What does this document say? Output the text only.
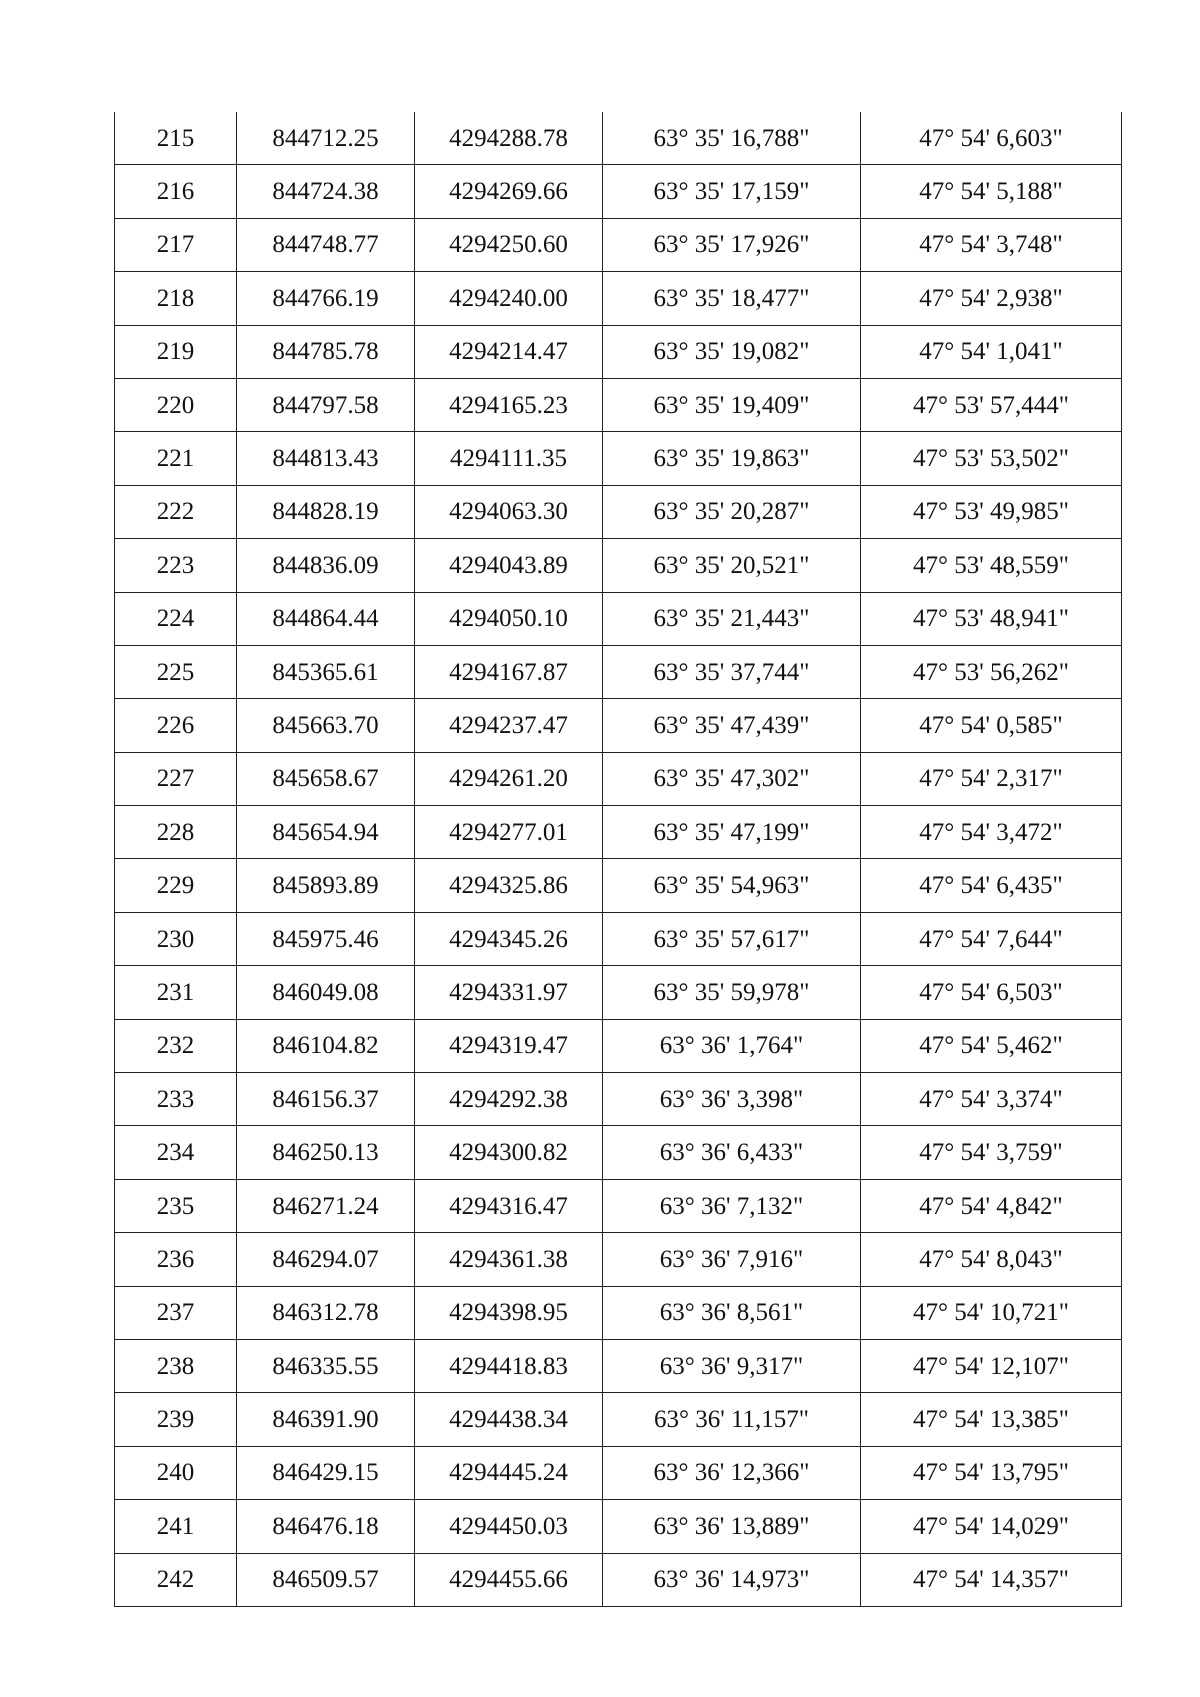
215	844712.25	4294288.78	63° 35' 16,788"	47° 54' 6,603"
216	844724.38	4294269.66	63° 35' 17,159"	47° 54' 5,188"
217	844748.77	4294250.60	63° 35' 17,926"	47° 54' 3,748"
218	844766.19	4294240.00	63° 35' 18,477"	47° 54' 2,938"
219	844785.78	4294214.47	63° 35' 19,082"	47° 54' 1,041"
220	844797.58	4294165.23	63° 35' 19,409"	47° 53' 57,444"
221	844813.43	4294111.35	63° 35' 19,863"	47° 53' 53,502"
222	844828.19	4294063.30	63° 35' 20,287"	47° 53' 49,985"
223	844836.09	4294043.89	63° 35' 20,521"	47° 53' 48,559"
224	844864.44	4294050.10	63° 35' 21,443"	47° 53' 48,941"
225	845365.61	4294167.87	63° 35' 37,744"	47° 53' 56,262"
226	845663.70	4294237.47	63° 35' 47,439"	47° 54' 0,585"
227	845658.67	4294261.20	63° 35' 47,302"	47° 54' 2,317"
228	845654.94	4294277.01	63° 35' 47,199"	47° 54' 3,472"
229	845893.89	4294325.86	63° 35' 54,963"	47° 54' 6,435"
230	845975.46	4294345.26	63° 35' 57,617"	47° 54' 7,644"
231	846049.08	4294331.97	63° 35' 59,978"	47° 54' 6,503"
232	846104.82	4294319.47	63° 36' 1,764"	47° 54' 5,462"
233	846156.37	4294292.38	63° 36' 3,398"	47° 54' 3,374"
234	846250.13	4294300.82	63° 36' 6,433"	47° 54' 3,759"
235	846271.24	4294316.47	63° 36' 7,132"	47° 54' 4,842"
236	846294.07	4294361.38	63° 36' 7,916"	47° 54' 8,043"
237	846312.78	4294398.95	63° 36' 8,561"	47° 54' 10,721"
238	846335.55	4294418.83	63° 36' 9,317"	47° 54' 12,107"
239	846391.90	4294438.34	63° 36' 11,157"	47° 54' 13,385"
240	846429.15	4294445.24	63° 36' 12,366"	47° 54' 13,795"
241	846476.18	4294450.03	63° 36' 13,889"	47° 54' 14,029"
242	846509.57	4294455.66	63° 36' 14,973"	47° 54' 14,357"
